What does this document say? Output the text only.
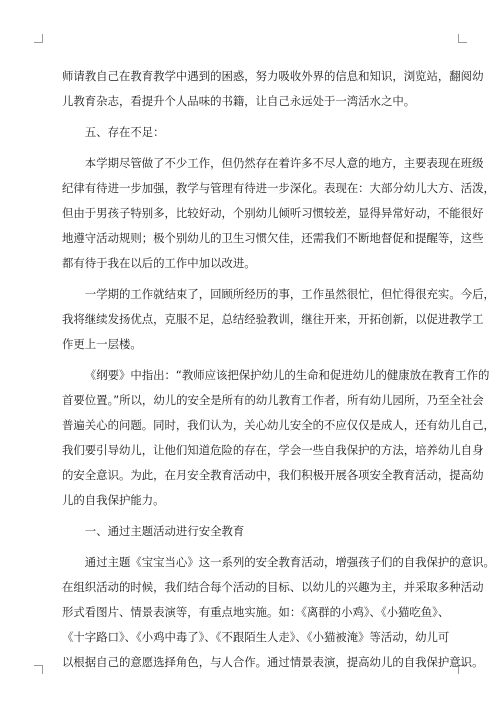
师请教自己在教育教学中遇到的困惑，努力吸收外界的信息和知识，浏览站，翻阅幼

儿教育杂志，看提升个人品味的书籍，让自己永远处于一湾活水之中。

五、存在不足：

本学期尽管做了不少工作，但仍然存在着许多不尽人意的地方，主要表现在班级

纪律有待进一步加强，教学与管理有待进一步深化。表现在：大部分幼儿大方、活泼，

但由于男孩子特别多，比较好动，个别幼儿倾听习惯较差，显得异常好动，不能很好

地遵守活动规则；极个别幼儿的卫生习惯欠佳，还需我们不断地督促和提醒等，这些

都有待于我在以后的工作中加以改进。

一学期的工作就结束了，回顾所经历的事，工作虽然很忙，但忙得很充实。今后，

我将继续发扬优点，克服不足，总结经验教训，继往开来，开拓创新，以促进教学工

作更上一层楼。

《纲要》中指出：“教师应该把保护幼儿的生命和促进幼儿的健康放在教育工作的

首要位置。”所以，幼儿的安全是所有的幼儿教育工作者，所有幼儿园所，乃至全社会

普遍关心的问题。同时，我们认为，关心幼儿安全的不应仅仅是成人，还有幼儿自己，

我们要引导幼儿，让他们知道危险的存在，学会一些自我保护的方法，培养幼儿自身

的安全意识。为此，在月安全教育活动中，我们积极开展各项安全教育活动，提高幼

儿的自我保护能力。

一、通过主题活动进行安全教育

通过主题《宝宝当心》这一系列的安全教育活动，增强孩子们的自我保护的意识。

在组织活动的时候，我们结合每个活动的目标、以幼儿的兴趣为主，并采取多种活动

形式看图片、情景表演等，有重点地实施。如：《离群的小鸡》、《小猫吃鱼》、

《十字路口》、《小鸡中毒了》、《不跟陌生人走》、《小猫被淹》等活动，幼儿可

以根据自己的意愿选择角色，与人合作。通过情景表演，提高幼儿的自我保护意识。
